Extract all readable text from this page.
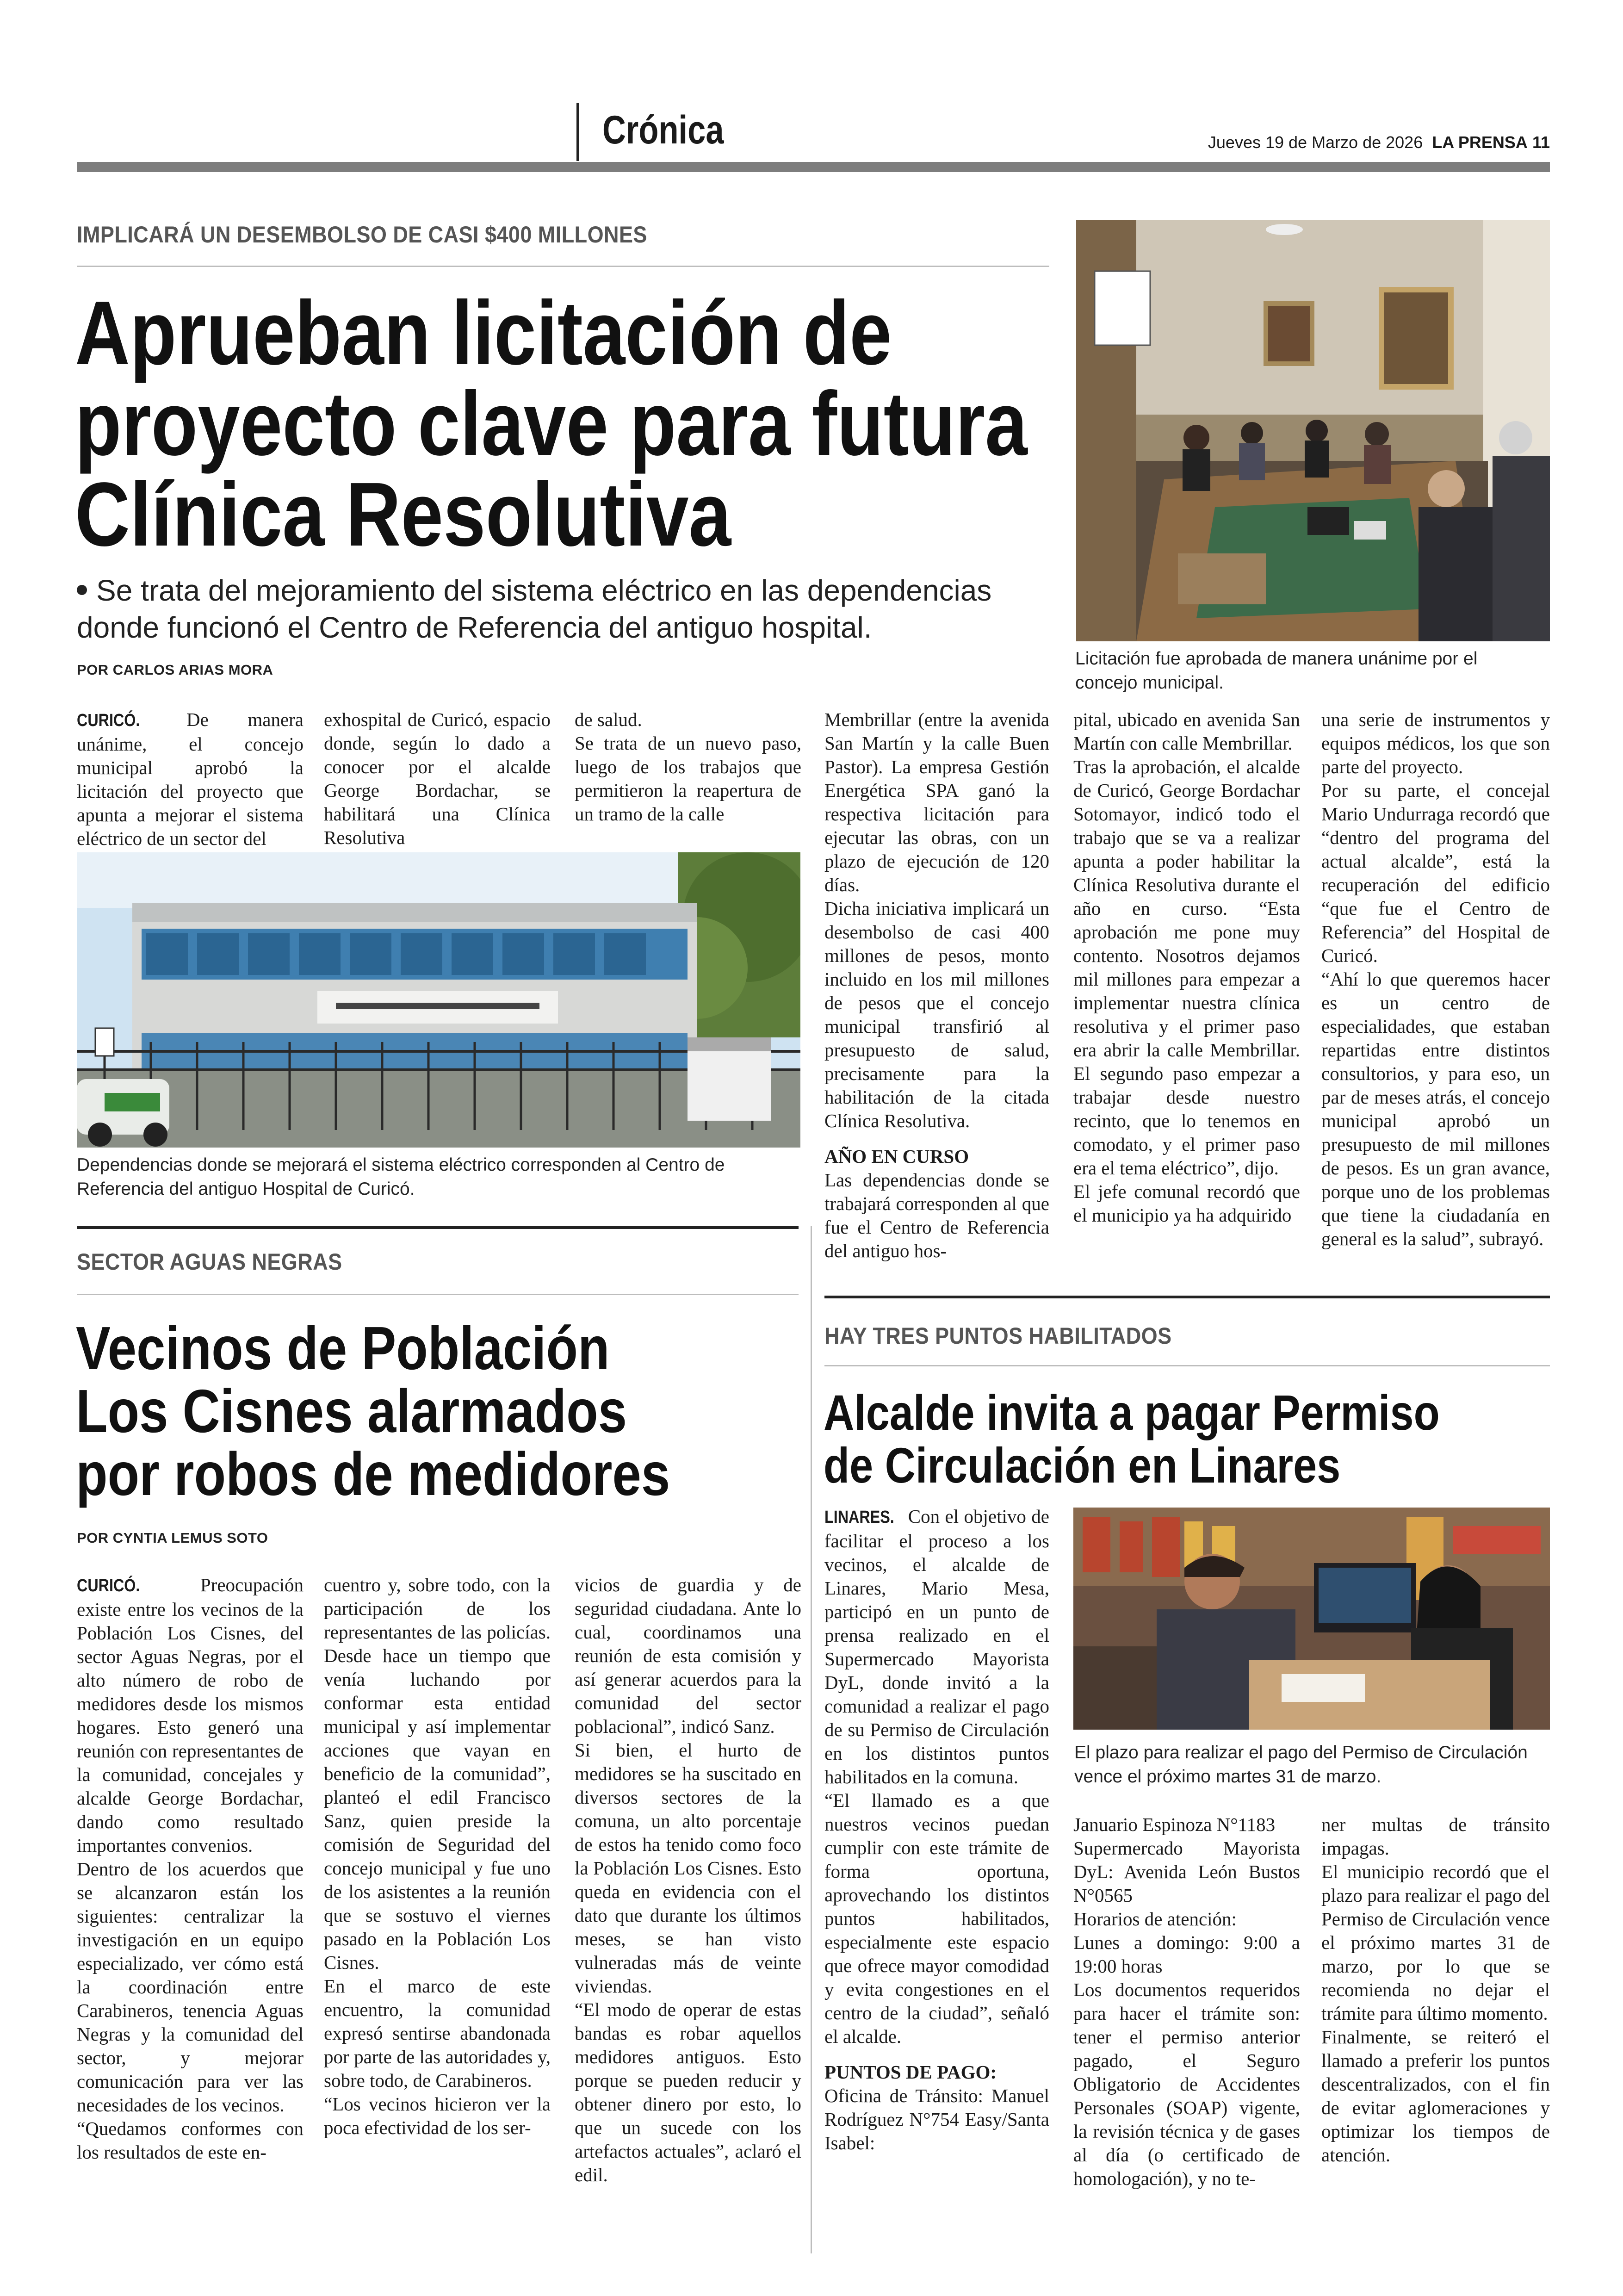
Crónica	Jueves 19 de Marzo de 2026 LA PRENSA 11
IMPLICARÁ UN DESEMBOLSO DE CASI $400 MILLONES
Aprueban licitación de
proyecto clave para futura
Clínica Resolutiva
Se trata del mejoramiento del sistema eléctrico en las dependencias donde funcionó el Centro de Referencia del antiguo hospital.
POR CARLOS ARIAS MORA
Licitación fue aprobada de manera unánime por el concejo municipal.

CURICÓ. De manera unánime, el concejo municipal aprobó la licitación del proyecto que apunta a mejorar el sistema eléctrico de un sector del

exhospital de Curicó, espacio donde, según lo dado a conocer por el alcalde George Bordachar, se habilitará una Clínica Resolutiva

de salud.

Se trata de un nuevo paso, luego de los trabajos que permitieron la reapertura de un tramo de la calle

Dependencias donde se mejorará el sistema eléctrico corresponden al Centro de Referencia del antiguo Hospital de Curicó.

Membrillar (entre la avenida San Martín y la calle Buen Pastor). La empresa Gestión Energética SPA ganó la respectiva licitación para ejecutar las obras, con un plazo de ejecución de 120 días.

Dicha iniciativa implicará un desembolso de casi 400 millones de pesos, monto incluido en los mil millones de pesos que el concejo municipal transfirió al presupuesto de salud, precisamente para la habilitación de la citada Clínica Resolutiva.

AÑO EN CURSO

Las dependencias donde se trabajará corresponden al que fue el Centro de Referencia del antiguo hos-

pital, ubicado en avenida San Martín con calle Membrillar.

Tras la aprobación, el alcalde de Curicó, George Bordachar Sotomayor, indicó todo el trabajo que se va a realizar apunta a poder habilitar la Clínica Resolutiva durante el año en curso. “Esta aprobación me pone muy contento. Nosotros dejamos mil millones para empezar a implementar nuestra clínica resolutiva y el primer paso era abrir la calle Membrillar. El segundo paso empezar a trabajar desde nuestro recinto, que lo tenemos en comodato, y el primer paso era el tema eléctrico”, dijo.

El jefe comunal recordó que el municipio ya ha adquirido

una serie de instrumentos y equipos médicos, los que son parte del proyecto.

Por su parte, el concejal Mario Undurraga recordó que “dentro del programa del actual alcalde”, está la recuperación del edificio “que fue el Centro de Referencia” del Hospital de Curicó.

“Ahí lo que queremos hacer es un centro de especialidades, que estaban repartidas entre distintos consultorios, y para eso, un par de meses atrás, el concejo municipal aprobó un presupuesto de mil millones de pesos. Es un gran avance, porque uno de los problemas que tiene la ciudadanía en general es la salud”, subrayó.

SECTOR AGUAS NEGRAS
Vecinos de Población
Los Cisnes alarmados
por robos de medidores
POR CYNTIA LEMUS SOTO

CURICÓ.	Preocupación existe entre los vecinos de la Población Los Cisnes, del sector Aguas Negras, por el alto número de robo de medidores desde los mismos hogares. Esto generó una reunión con representantes de la comunidad, concejales y alcalde George Bordachar, dando como resultado importantes convenios.

Dentro de los acuerdos que se alcanzaron están los siguientes: centralizar la investigación en un equipo especializado, ver cómo está la coordinación entre Carabineros, tenencia Aguas Negras y la comunidad del sector, y mejorar comunicación para ver las necesidades de los vecinos.

“Quedamos conformes con los resultados de este en-

cuentro y, sobre todo, con la participación de los representantes de las policías. Desde hace un tiempo que venía luchando por conformar esta entidad municipal y así implementar acciones que vayan en beneficio de la comunidad”, planteó el edil Francisco Sanz, quien preside la comisión de Seguridad del concejo municipal y fue uno de los asistentes a la reunión que se sostuvo el viernes pasado en la Población Los Cisnes.

En el marco de este encuentro, la comunidad expresó sentirse abandonada por parte de las autoridades y, sobre todo, de Carabineros.

“Los vecinos hicieron ver la poca efectividad de los ser-

vicios de guardia y de seguridad ciudadana. Ante lo cual, coordinamos una reunión de esta comisión y así generar acuerdos para la comunidad del sector poblacional”, indicó Sanz.

Si bien, el hurto de medidores se ha suscitado en diversos sectores de la comuna, un alto porcentaje de estos ha tenido como foco la Población Los Cisnes. Esto queda en evidencia con el dato que durante los últimos meses, se han visto vulneradas más de veinte viviendas.

“El modo de operar de estas bandas es robar aquellos medidores antiguos. Esto porque se pueden reducir y obtener dinero por esto, lo que un sucede con los artefactos actuales”, aclaró el edil.

HAY TRES PUNTOS HABILITADOS
Alcalde invita a pagar Permiso
de Circulación en Linares

LINARES. Con el objetivo de facilitar el proceso a los vecinos, el alcalde de Linares, Mario Mesa, participó en un punto de prensa realizado en el Supermercado Mayorista DyL, donde invitó a la comunidad a realizar el pago de su Permiso de Circulación en los distintos puntos habilitados en la comuna.

“El llamado es a que nuestros vecinos puedan cumplir con este trámite de forma oportuna, aprovechando los distintos puntos habilitados, especialmente este espacio que ofrece mayor comodidad y evita congestiones en el centro de la ciudad”, señaló el alcalde.

PUNTOS DE PAGO:

Oficina de Tránsito: Manuel Rodríguez N°754 Easy/Santa Isabel:

El plazo para realizar el pago del Permiso de Circulación vence el próximo martes 31 de marzo.

Januario Espinoza N°1183

Supermercado Mayorista DyL: Avenida León Bustos N°0565

Horarios de atención:

Lunes a domingo: 9:00 a 19:00 horas

Los documentos requeridos para hacer el trámite son: tener el permiso anterior pagado, el Seguro Obligatorio de Accidentes Personales (SOAP) vigente, la revisión técnica y de gases al día (o certificado de homologación), y no te-

ner multas de tránsito impagas.

El municipio recordó que el plazo para realizar el pago del Permiso de Circulación vence el próximo martes 31 de marzo, por lo que se recomienda no dejar el trámite para último momento.

Finalmente, se reiteró el llamado a preferir los puntos descentralizados, con el fin de evitar aglomeraciones y optimizar los tiempos de atención.
